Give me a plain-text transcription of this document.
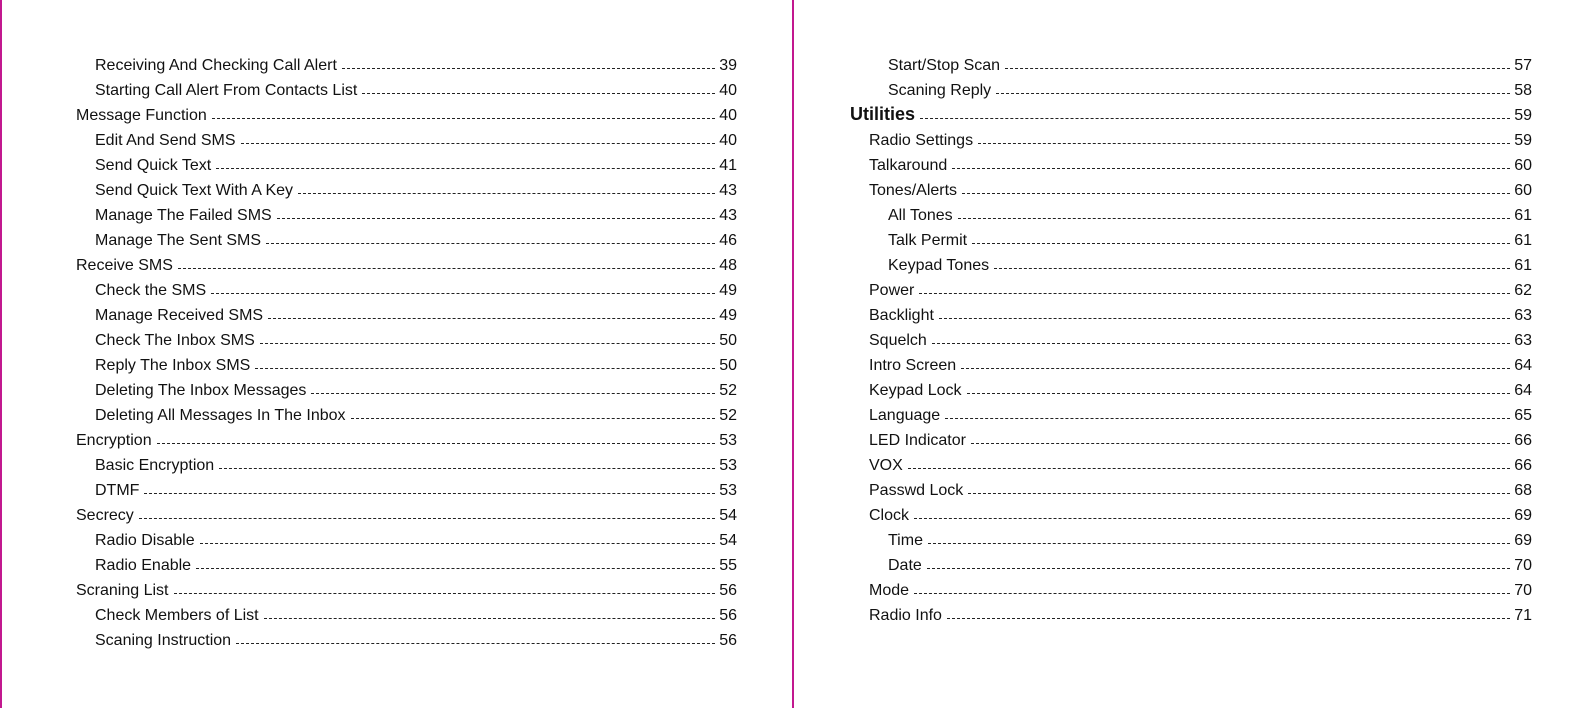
Receiving And Checking Call Alert	39
Starting Call Alert From Contacts List	40
Message Function	40
Edit And Send SMS	40
Send Quick Text	41
Send Quick Text With A Key	43
Manage The Failed SMS	43
Manage The Sent SMS	46
Receive SMS	48
Check the SMS	49
Manage Received SMS	49
Check The Inbox SMS	50
Reply The Inbox SMS	50
Deleting The Inbox Messages	52
Deleting All Messages In The Inbox	52
Encryption	53
Basic Encryption	53
DTMF	53
Secrecy	54
Radio Disable	54
Radio Enable	55
Scraning List	56
Check Members of List	56
Scaning Instruction	56
Start/Stop Scan	57
Scaning Reply	58
Utilities	59
Radio Settings	59
Talkaround	60
Tones/Alerts	60
All Tones	61
Talk Permit	61
Keypad Tones	61
Power	62
Backlight	63
Squelch	63
Intro Screen	64
Keypad Lock	64
Language	65
LED Indicator	66
VOX	66
Passwd Lock	68
Clock	69
Time	69
Date	70
Mode	70
Radio Info	71
